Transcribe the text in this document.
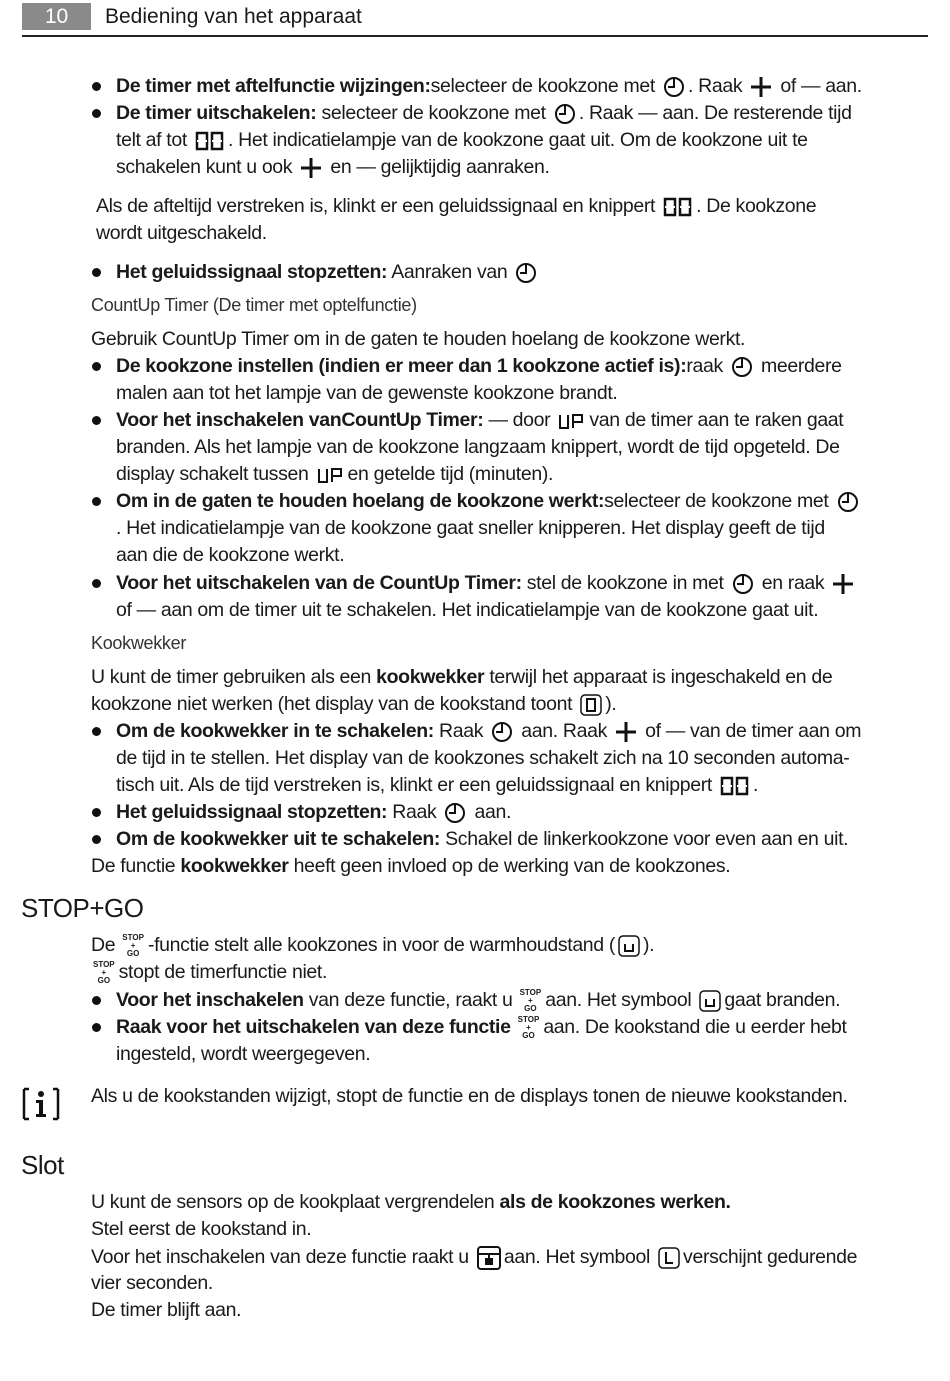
10	Bediening van het apparaat
De timer met aftelfunctie wijzingen:selecteer de kookzone met . Raak  of — aan.
De timer uitschakelen: selecteer de kookzone met . Raak — aan. De resterende tijd
telt af tot . Het indicatielampje van de kookzone gaat uit. Om de kookzone uit te
schakelen kunt u ook  en — gelijktijdig aanraken.
Als de afteltijd verstreken is, klinkt er een geluidssignaal en knippert . De kookzone
wordt uitgeschakeld.
Het geluidssignaal stopzetten: Aanraken van
CountUp Timer (De timer met optelfunctie)
Gebruik CountUp Timer om in de gaten te houden hoelang de kookzone werkt.
De kookzone instellen (indien er meer dan 1 kookzone actief is):raak  meerdere
malen aan tot het lampje van de gewenste kookzone brandt.
Voor het inschakelen vanCountUp Timer: — door	UP van de timer aan te raken gaat
branden. Als het lampje van de kookzone langzaam knippert, wordt de tijd opgeteld. De
display schakelt tussen	UP en getelde tijd (minuten).
Om in de gaten te houden hoelang de kookzone werkt:selecteer de kookzone met
. Het indicatielampje van de kookzone gaat sneller knipperen. Het display geeft de tijd
aan die de kookzone werkt.
Voor het uitschakelen van de CountUp Timer: stel de kookzone in met  en raak
of — aan om de timer uit te schakelen. Het indicatielampje van de kookzone gaat uit.
Kookwekker
U kunt de timer gebruiken als een kookwekker terwijl het apparaat is ingeschakeld en de
kookzone niet werken (het display van de kookstand toont ).
Om de kookwekker in te schakelen: Raak  aan. Raak  of — van de timer aan om
de tijd in te stellen. Het display van de kookzones schakelt zich na 10 seconden automa-
tisch uit. Als de tijd verstreken is, klinkt er een geluidssignaal en knippert .
Het geluidssignaal stopzetten: Raak  aan.
Om de kookwekker uit te schakelen: Schakel de linkerkookzone voor even aan en uit.
De functie kookwekker heeft geen invloed op de werking van de kookzones.
STOP+GO
De STOP
+
GO -functie stelt alle kookzones in voor de warmhoudstand ( ).
STOP
+
GO stopt de timerfunctie niet.
Voor het inschakelen van deze functie, raakt u STOP
+
GO aan. Het symbool gaat branden.
Raak voor het uitschakelen van deze functie STOP
+
GO aan. De kookstand die u eerder hebt
ingesteld, wordt weergegeven.
Als u de kookstanden wijzigt, stopt de functie en de displays tonen de nieuwe kookstanden.
Slot
U kunt de sensors op de kookplaat vergrendelen als de kookzones werken.
Stel eerst de kookstand in.
Voor het inschakelen van deze functie raakt u aan. Het symbool verschijnt gedurende
vier seconden.
De timer blijft aan.
